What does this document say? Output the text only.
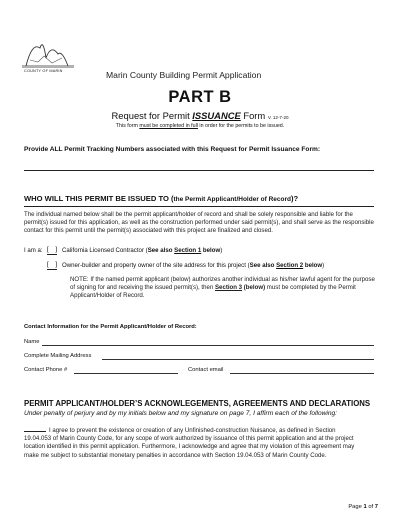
COUNTY OF MARIN	Marin County Building Permit Application
PART B
Request for Permit ISSUANCE Form V. 12-7-20
This form must be completed in full in order for the permits to be issued.
Provide ALL Permit Tracking Numbers associated with this Request for Permit Issuance Form:
WHO WILL THIS PERMIT BE ISSUED TO (the Permit Applicant/Holder of Record)?
The individual named below shall be the permit applicant/holder of record and shall be solely responsible and liable for the permit(s) issued for this application, as well as the construction performed under said permit(s), and shall serve as the responsible contact for this permit until the permit(s) associated with this project are finalized and closed.
I am a:
[ ]	California Licensed Contractor (See also Section 1 below)
[ ]
Owner-builder and property owner of the site address for this project (See also Section 2 below)
NOTE: If the named permit applicant (below) authorizes another individual as his/her lawful agent for the purpose of signing for and receiving the issued permit(s), then Section 3 (below) must be completed by the Permit Applicant/Holder of Record.
Contact Information for the Permit Applicant/Holder of Record:
Name
Complete Mailing Address
Contact Phone #	Contact email
PERMIT APPLICANT/HOLDER’S ACKNOWLEGEMENTS, AGREEMENTS AND DECLARATIONS
Under penalty of perjury and by my initials below and my signature on page 7, I affirm each of the following:
I agree to prevent the existence or creation of any Unfinished-construction Nuisance, as defined in Section 19.04.053 of Marin County Code, for any scope of work authorized by issuance of this permit application and at the project location identified in this permit application. Furthermore, I acknowledge and agree that my violation of this agreement may make me subject to substantial monetary penalties in accordance with Section 19.04.053 of Marin County Code.
Page 1 of 7
